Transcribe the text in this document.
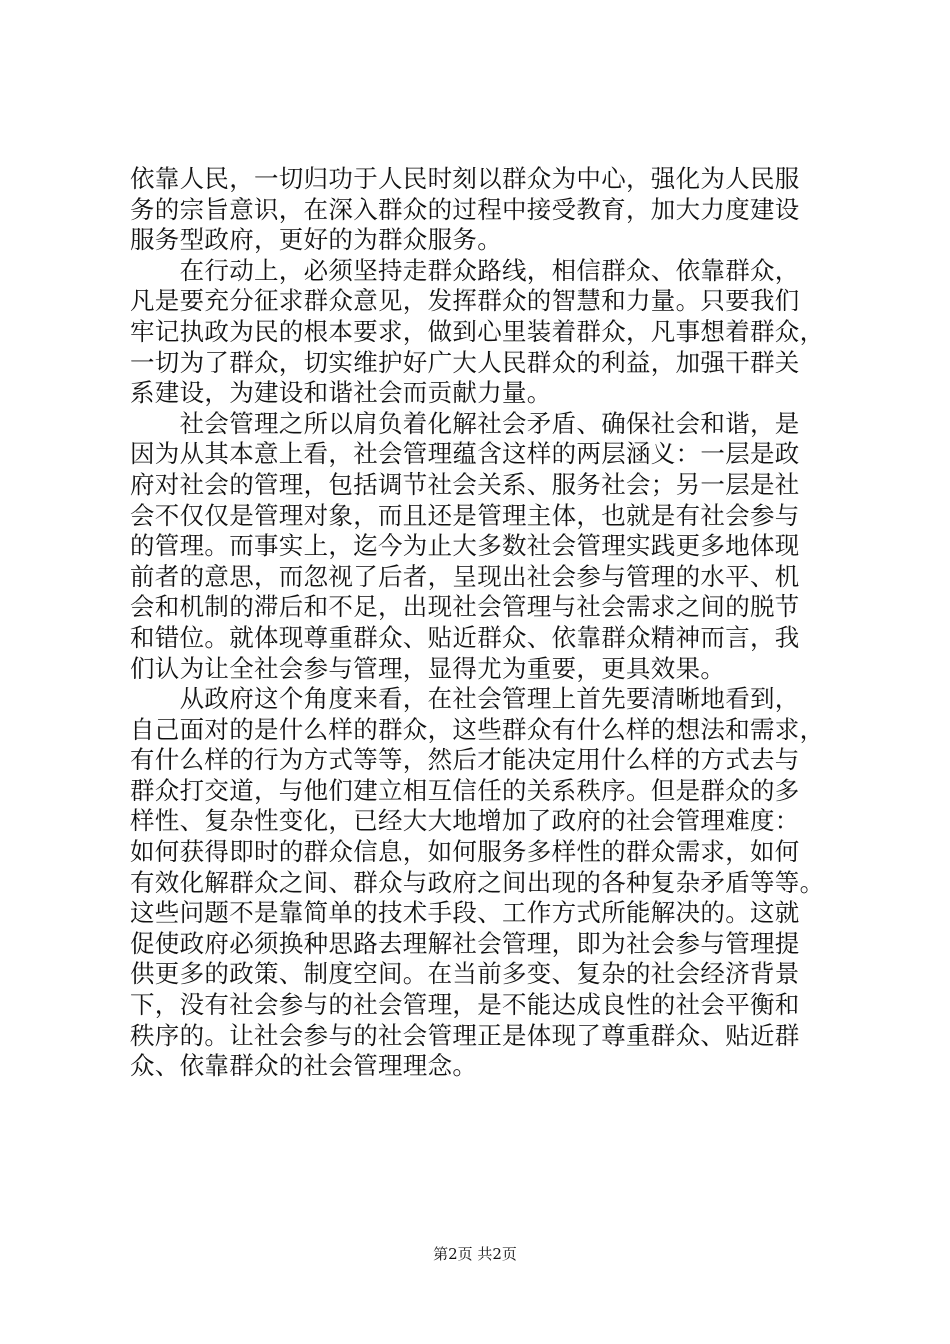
依靠人民，一切归功于人民时刻以群众为中心，强化为人民服
务的宗旨意识，在深入群众的过程中接受教育，加大力度建设
服务型政府，更好的为群众服务。
　　在行动上，必须坚持走群众路线，相信群众、依靠群众，
凡是要充分征求群众意见，发挥群众的智慧和力量。只要我们
牢记执政为民的根本要求，做到心里装着群众，凡事想着群众，
一切为了群众，切实维护好广大人民群众的利益，加强干群关
系建设，为建设和谐社会而贡献力量。
　　社会管理之所以肩负着化解社会矛盾、确保社会和谐，是
因为从其本意上看，社会管理蕴含这样的两层涵义：一层是政
府对社会的管理，包括调节社会关系、服务社会；另一层是社
会不仅仅是管理对象，而且还是管理主体，也就是有社会参与
的管理。而事实上，迄今为止大多数社会管理实践更多地体现
前者的意思，而忽视了后者，呈现出社会参与管理的水平、机
会和机制的滞后和不足，出现社会管理与社会需求之间的脱节
和错位。就体现尊重群众、贴近群众、依靠群众精神而言，我
们认为让全社会参与管理，显得尤为重要，更具效果。
　　从政府这个角度来看，在社会管理上首先要清晰地看到，
自己面对的是什么样的群众，这些群众有什么样的想法和需求，
有什么样的行为方式等等，然后才能决定用什么样的方式去与
群众打交道，与他们建立相互信任的关系秩序。但是群众的多
样性、复杂性变化，已经大大地增加了政府的社会管理难度：
如何获得即时的群众信息，如何服务多样性的群众需求，如何
有效化解群众之间、群众与政府之间出现的各种复杂矛盾等等。
这些问题不是靠简单的技术手段、工作方式所能解决的。这就
促使政府必须换种思路去理解社会管理，即为社会参与管理提
供更多的政策、制度空间。在当前多变、复杂的社会经济背景
下，没有社会参与的社会管理，是不能达成良性的社会平衡和
秩序的。让社会参与的社会管理正是体现了尊重群众、贴近群
众、依靠群众的社会管理理念。
第2页 共2页
